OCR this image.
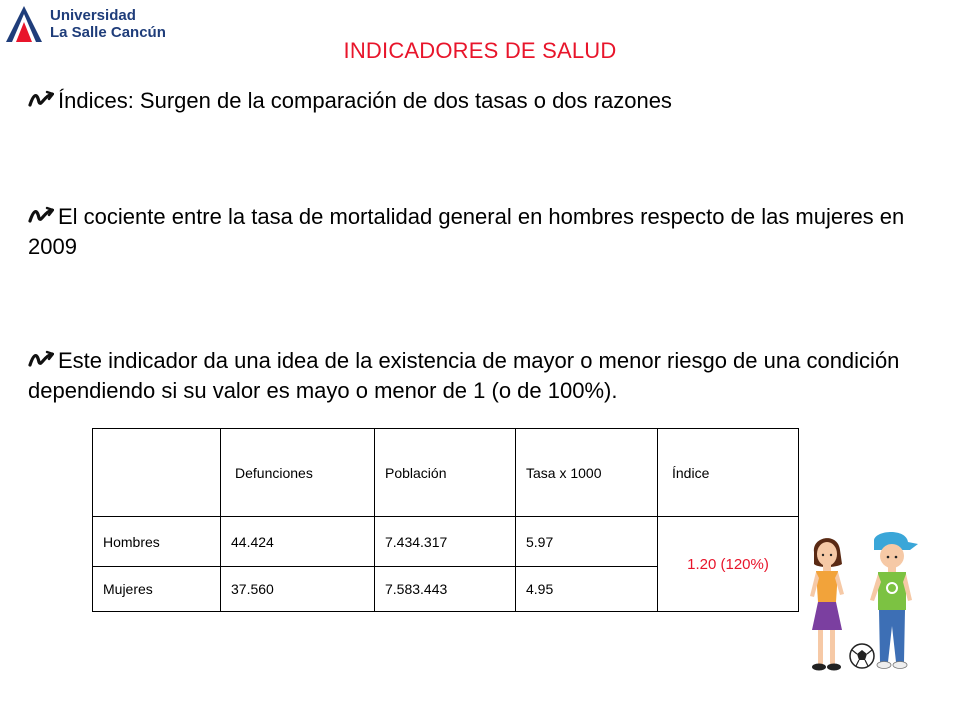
Universidad
La Salle Cancún
INDICADORES DE SALUD
Índices: Surgen de la comparación de dos tasas o dos razones
El cociente entre la tasa de mortalidad general en hombres respecto de las mujeres en 2009
Este indicador da una idea de la existencia de mayor o menor riesgo de una condición dependiendo si su valor es mayo o menor de 1 (o de 100%).
	Defunciones	Población	Tasa x 1000	Índice
Hombres	44.424	7.434.317	5.97	1.20 (120%)
Mujeres	37.560	7.583.443	4.95	
